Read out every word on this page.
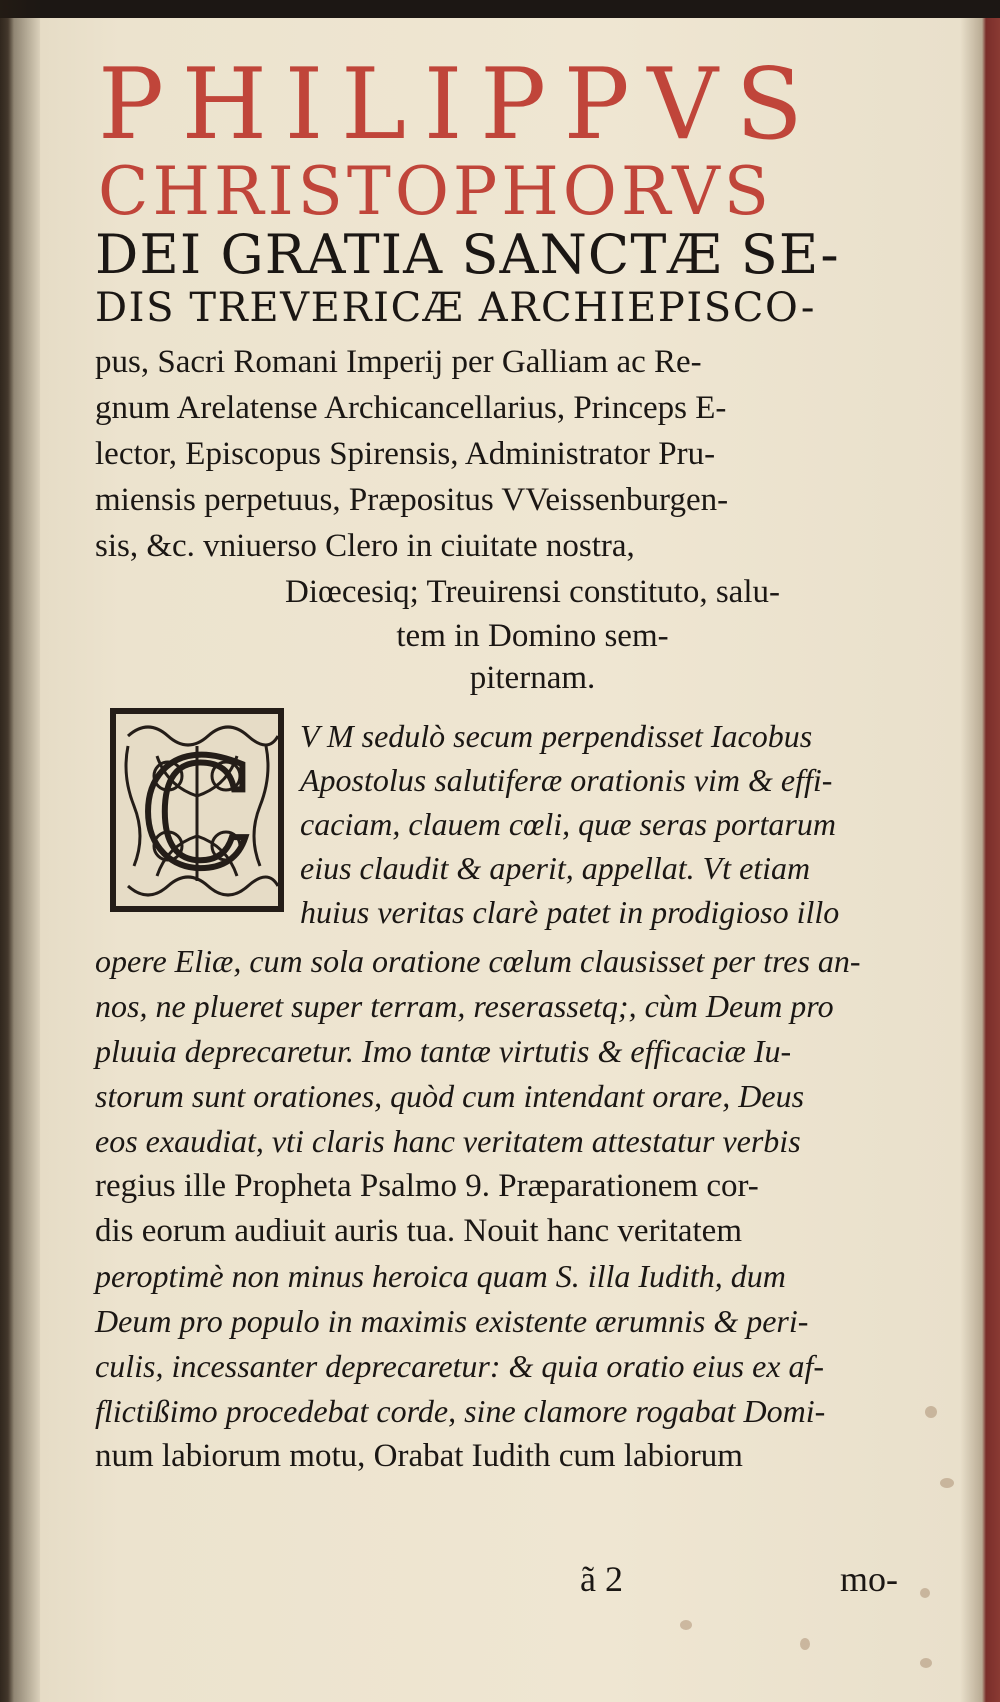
PHILIPPVS
CHRISTOPHORVS
DEI GRATIA SANCTÆ SE-
DIS TREVERICÆ ARCHIEPISCO-
pus, Sacri Romani Imperij per Galliam ac Re-
gnum Arelatense Archicancellarius, Princeps E-
lector, Episcopus Spirensis, Administrator Pru-
miensis perpetuus, Præpositus VVeissenburgen-
sis, &c. vniuerso Clero in ciuitate nostra,
Diœcesiq; Treuirensi constituto, salu-
tem in Domino sem-
piternam.
C V M sedulò secum perpendisset Iacobus
Apostolus salutiferæ orationis vim & effi-
caciam, clauem cœli, quæ seras portarum
eius claudit & aperit, appellat. Vt etiam
huius veritas clarè patet in prodigioso illo
opere Eliæ, cum sola oratione cœlum clausisset per tres an-
nos, ne plueret super terram, reserassetq;, cùm Deum pro
pluuia deprecaretur. Imo tantæ virtutis & efficaciæ Iu-
storum sunt orationes, quòd cum intendant orare, Deus
eos exaudiat, vti claris hanc veritatem attestatur verbis
regius ille Propheta Psalmo 9. Præparationem cor-
dis eorum audiuit auris tua. Nouit hanc veritatem
peroptimè non minus heroica quam S. illa Iudith, dum
Deum pro populo in maximis existente ærumnis & peri-
culis, incessanter deprecaretur: & quia oratio eius ex af-
flictißimo procedebat corde, sine clamore rogabat Domi-
num labiorum motu, Orabat Iudith cum labiorum
ã 2	mo-
